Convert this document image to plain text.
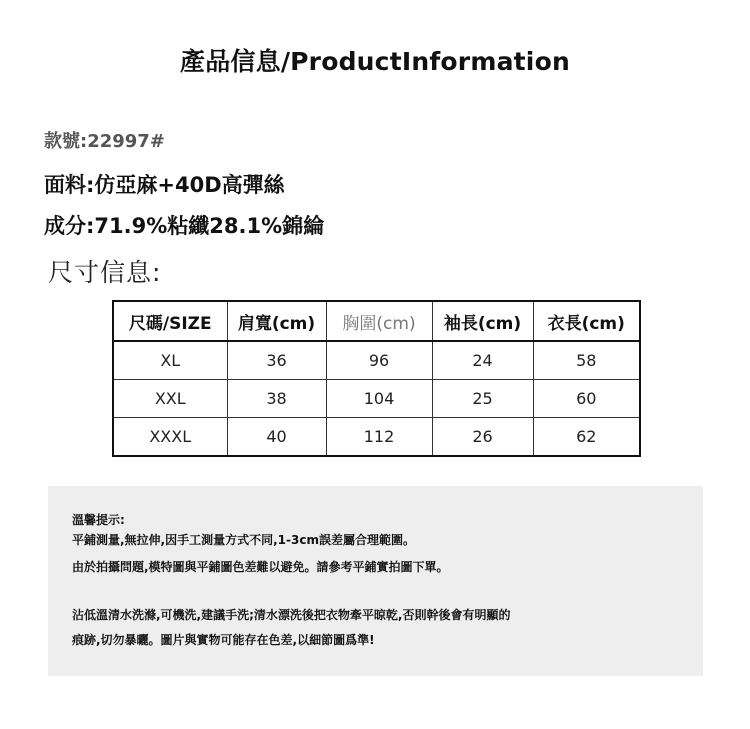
產品信息/ProductInformation
款號:22997#
面料:仿亞麻+40D高彈絲
成分:71.9%粘纖28.1%錦綸
尺寸信息:
尺碼/SIZE	肩寬(cm)	胸圍(cm)	袖長(cm)	衣長(cm)
XL	36	96	24	58
XXL	38	104	25	60
XXXL	40	112	26	62
溫馨提示:
平鋪測量,無拉伸,因手工測量方式不同,1-3cm誤差屬合理範圍。
由於拍攝問題,模特圖與平鋪圖色差難以避免。請參考平鋪實拍圖下單。
沾低溫清水洗滌,可機洗,建議手洗;清水漂洗後把衣物牽平晾乾,否則幹後會有明顯的
痕跡,切勿暴曬。圖片與實物可能存在色差,以細節圖爲準!
